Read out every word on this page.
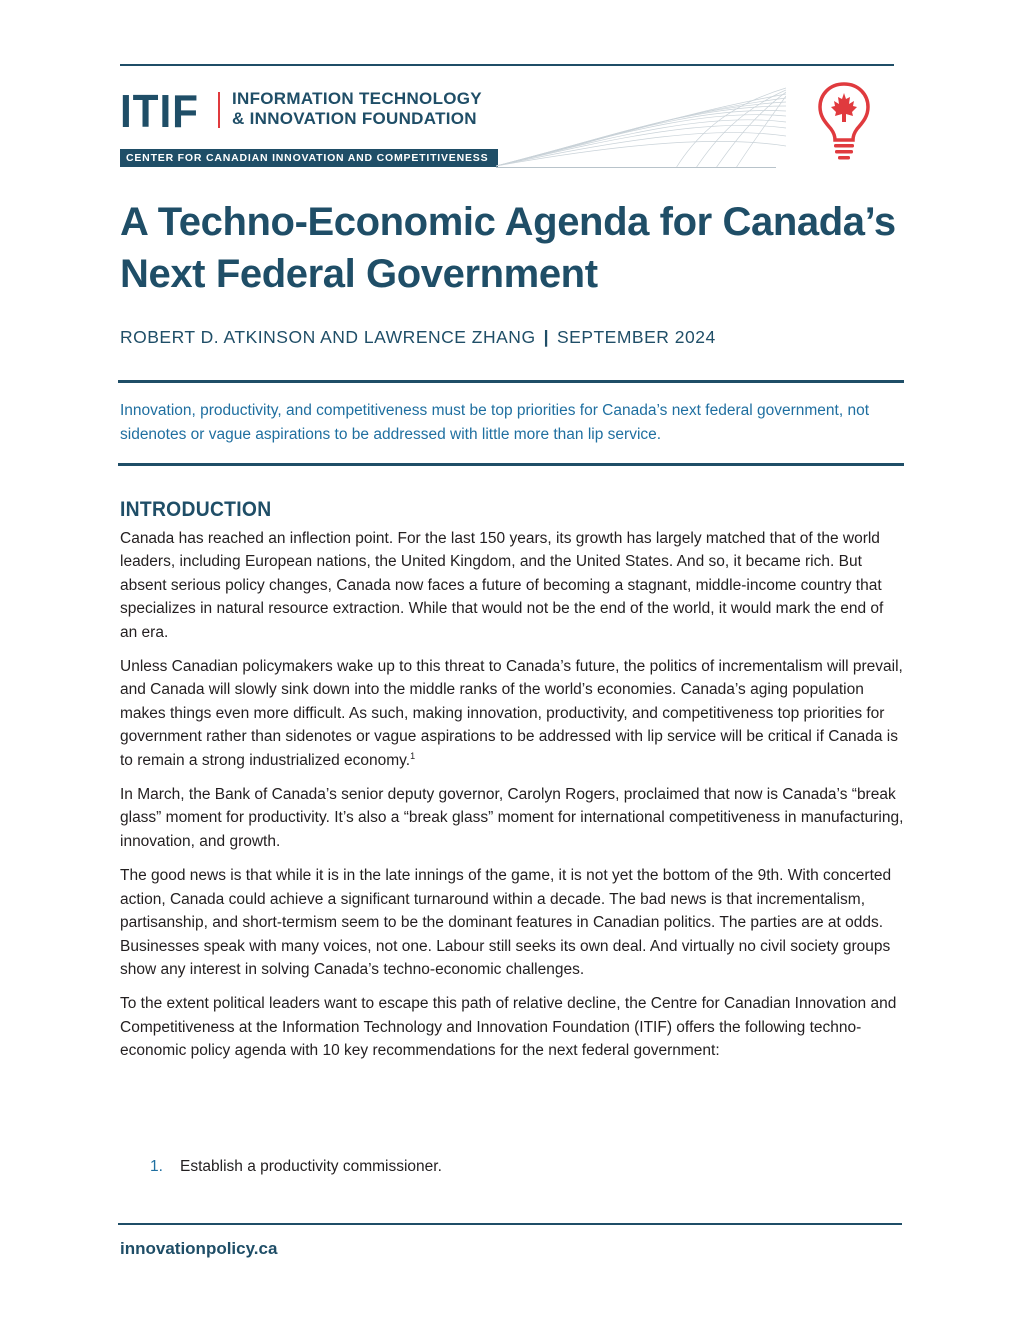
ITIF INFORMATION TECHNOLOGY
& INNOVATION FOUNDATION
CENTER FOR CANADIAN INNOVATION AND COMPETITIVENESS
A Techno-Economic Agenda for Canada’s Next Federal Government
ROBERT D. ATKINSON AND LAWRENCE ZHANG | SEPTEMBER 2024

Innovation, productivity, and competitiveness must be top priorities for Canada’s next federal government, not sidenotes or vague aspirations to be addressed with little more than lip service.

INTRODUCTION

Canada has reached an inflection point. For the last 150 years, its growth has largely matched that of the world leaders, including European nations, the United Kingdom, and the United States. And so, it became rich. But absent serious policy changes, Canada now faces a future of becoming a stagnant, middle-income country that specializes in natural resource extraction. While that would not be the end of the world, it would mark the end of an era.

Unless Canadian policymakers wake up to this threat to Canada’s future, the politics of incrementalism will prevail, and Canada will slowly sink down into the middle ranks of the world’s economies. Canada’s aging population makes things even more difficult. As such, making innovation, productivity, and competitiveness top priorities for government rather than sidenotes or vague aspirations to be addressed with lip service will be critical if Canada is to remain a strong industrialized economy.$^1$

In March, the Bank of Canada’s senior deputy governor, Carolyn Rogers, proclaimed that now is Canada’s “break glass” moment for productivity. It’s also a “break glass” moment for international competitiveness in manufacturing, innovation, and growth.

The good news is that while it is in the late innings of the game, it is not yet the bottom of the 9th. With concerted action, Canada could achieve a significant turnaround within a decade. The bad news is that incrementalism, partisanship, and short-termism seem to be the dominant features in Canadian politics. The parties are at odds. Businesses speak with many voices, not one. Labour still seeks its own deal. And virtually no civil society groups show any interest in solving Canada’s techno-economic challenges.

To the extent political leaders want to escape this path of relative decline, the Centre for Canadian Innovation and Competitiveness at the Information Technology and Innovation Foundation (ITIF) offers the following techno-economic policy agenda with 10 key recommendations for the next federal government:

1. Establish a productivity commissioner.
innovationpolicy.ca
